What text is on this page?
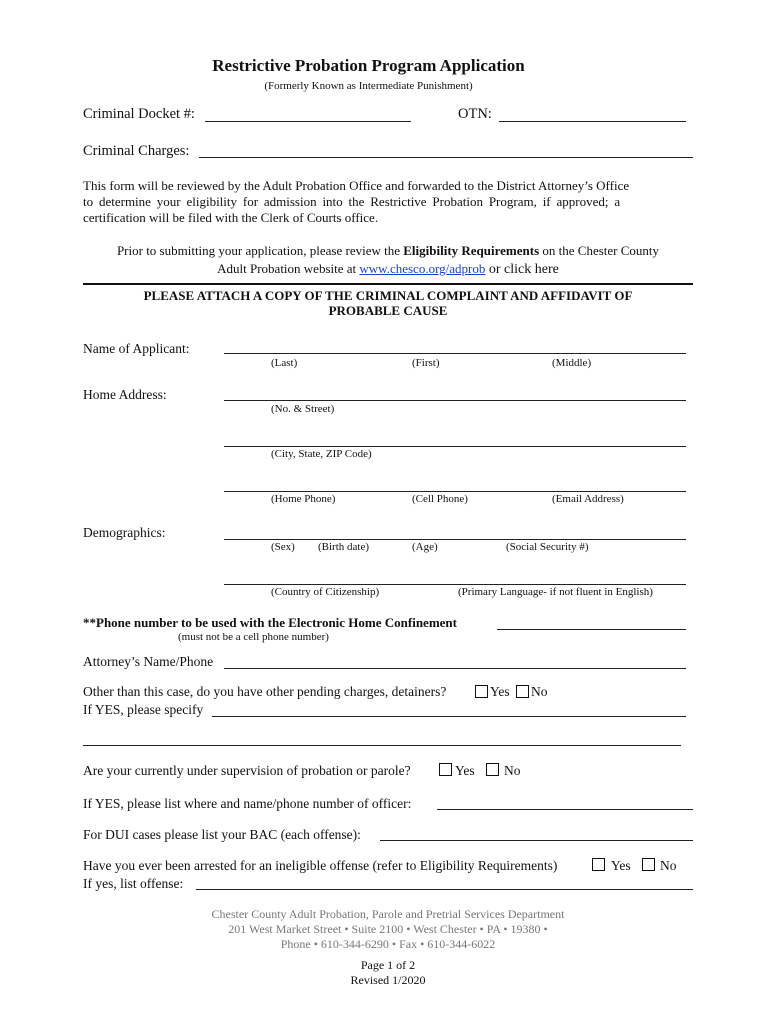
Restrictive Probation Program Application
(Formerly Known as Intermediate Punishment)
Criminal Docket #:	OTN:
Criminal Charges:
This form will be reviewed by the Adult Probation Office and forwarded to the District Attorney’s Office
to determine your eligibility for admission into the Restrictive Probation Program, if approved; a
certification will be filed with the Clerk of Courts office.
Prior to submitting your application, please review the Eligibility Requirements on the Chester County
Adult Probation website at www.chesco.org/adprob or click here
PLEASE ATTACH A COPY OF THE CRIMINAL COMPLAINT AND AFFIDAVIT OF
PROBABLE CAUSE
Name of Applicant:
(Last)	(First)	(Middle)
Home Address:
(No. & Street)
(City, State, ZIP Code)
(Home Phone)	(Cell Phone)	(Email Address)
Demographics:
(Sex) (Birth date)	(Age)	(Social Security #)
(Country of Citizenship)	(Primary Language- if not fluent in English)
**Phone number to be used with the Electronic Home Confinement
(must not be a cell phone number)
Attorney’s Name/Phone
Other than this case, do you have other pending charges, detainers?	Yes No
If YES, please specify
Are your currently under supervision of probation or parole?	Yes No
If YES, please list where and name/phone number of officer:
For DUI cases please list your BAC (each offense):
Have you ever been arrested for an ineligible offense (refer to Eligibility Requirements)	Yes No
If yes, list offense:
Chester County Adult Probation, Parole and Pretrial Services Department
201 West Market Street • Suite 2100 • West Chester • PA • 19380 •
Phone • 610-344-6290 • Fax • 610-344-6022
Page 1 of 2
Revised 1/2020
